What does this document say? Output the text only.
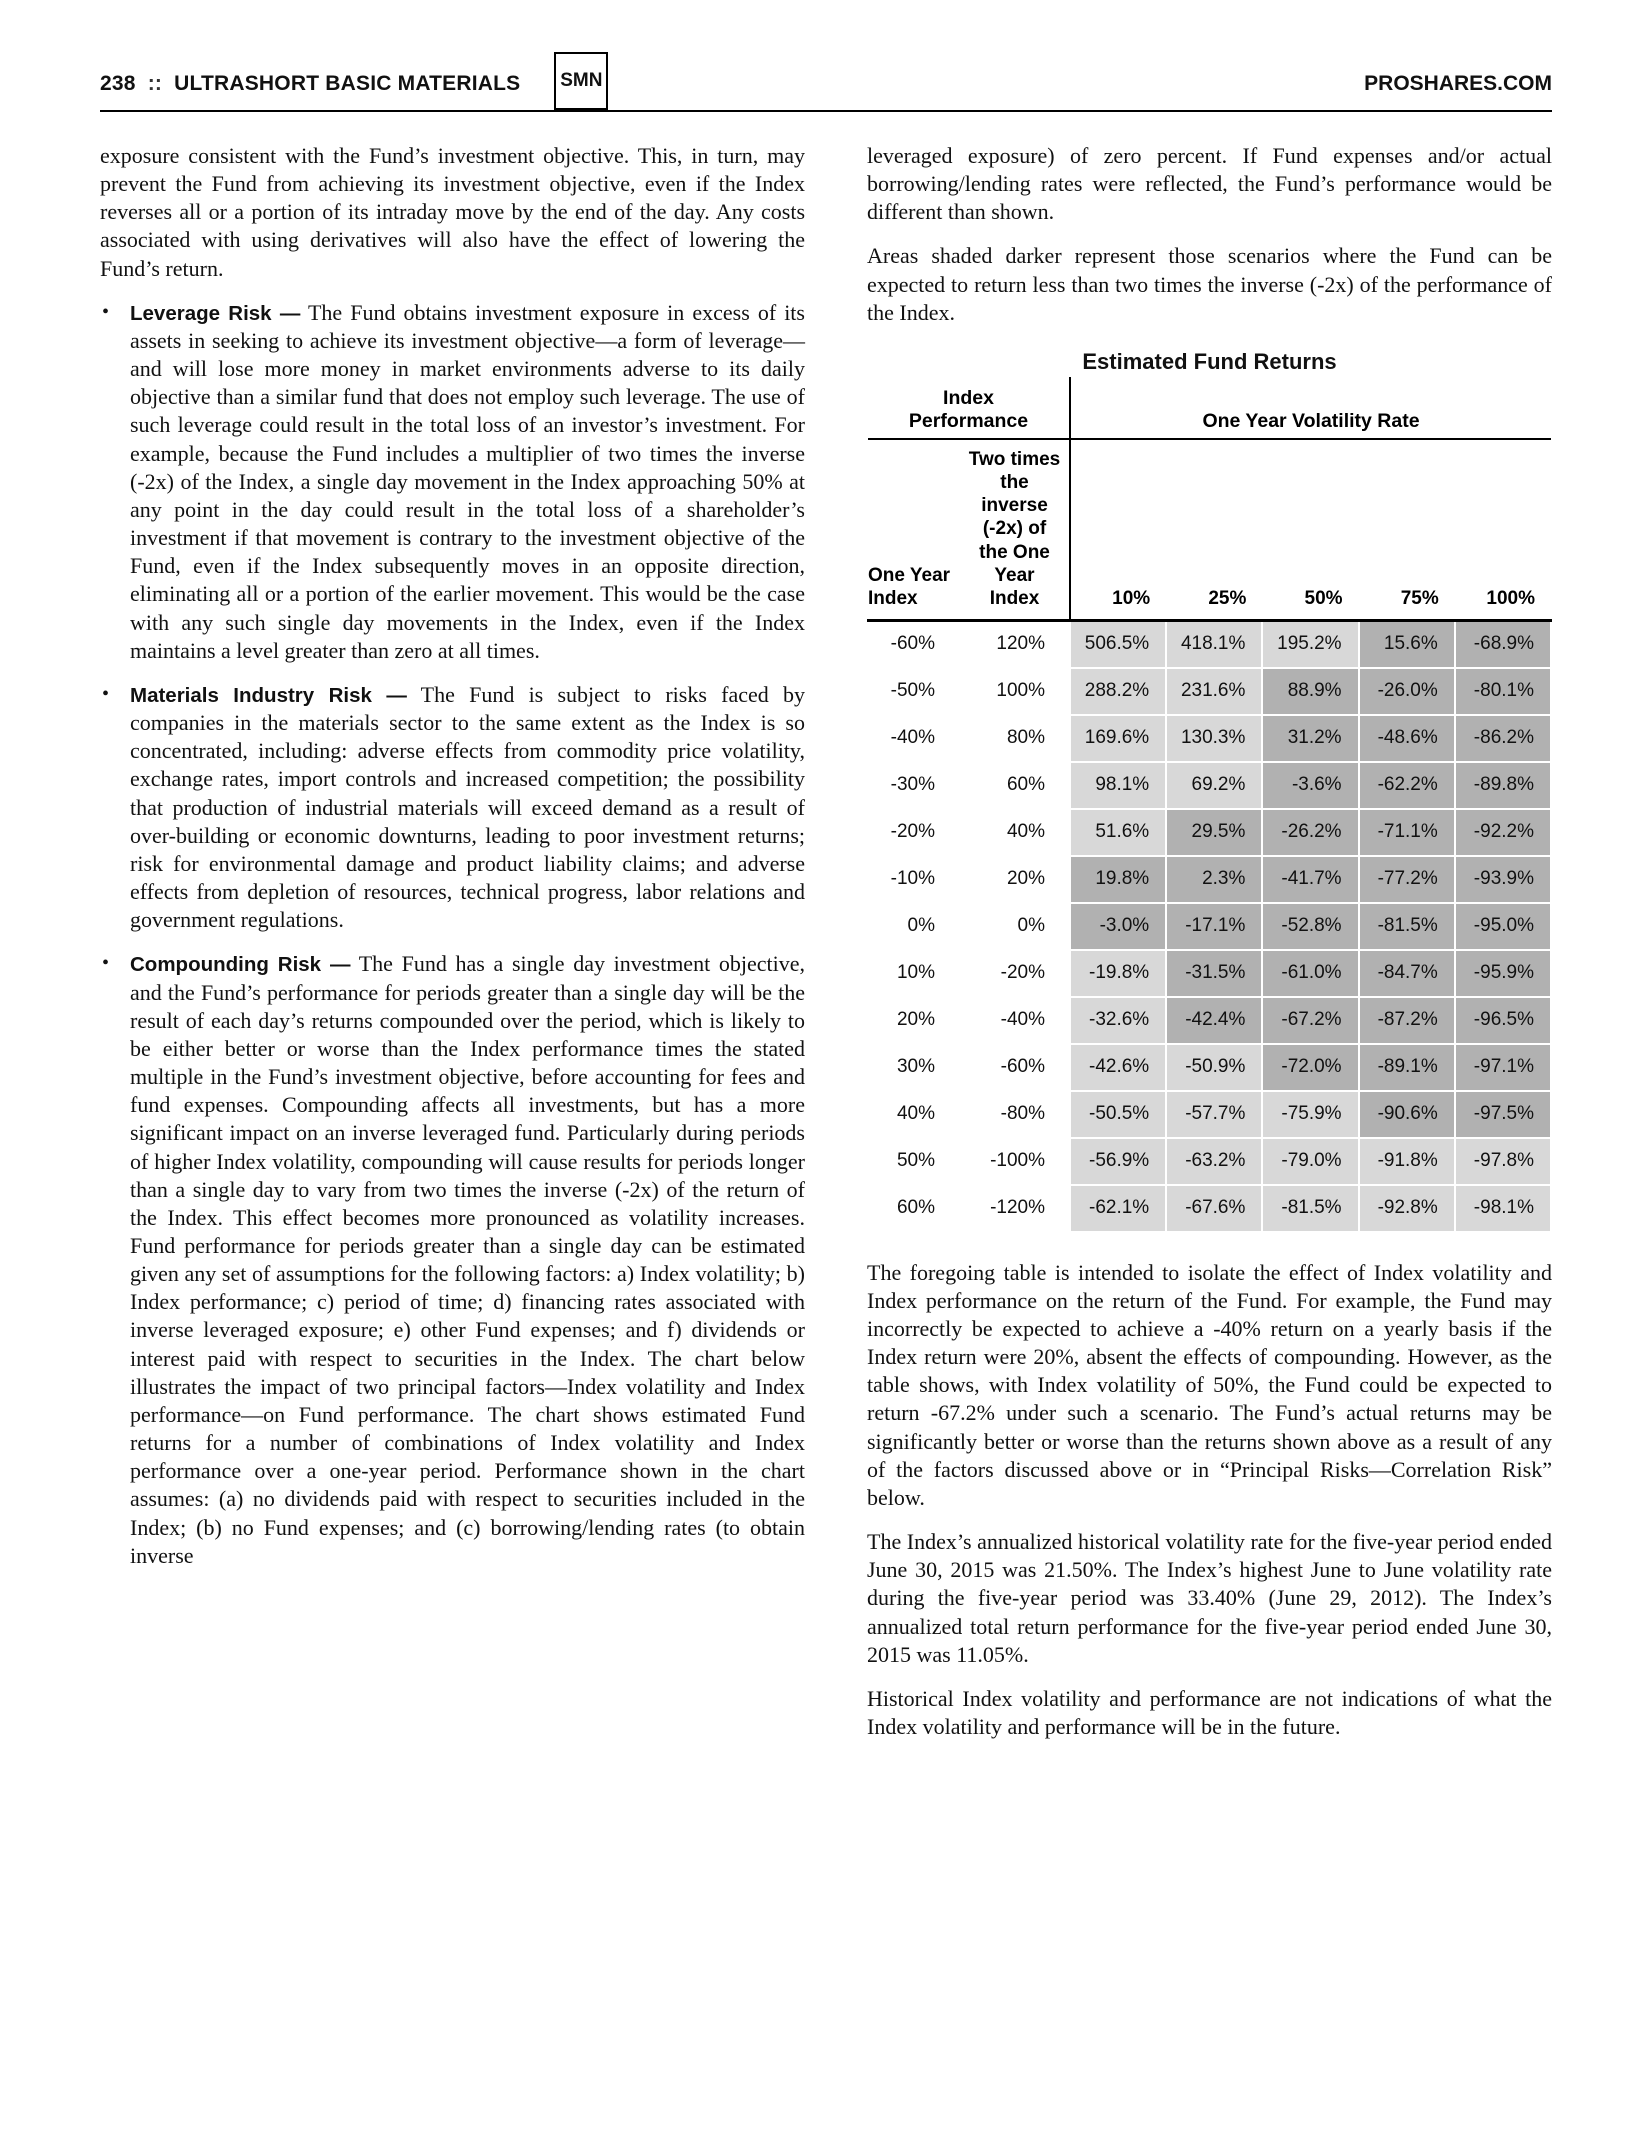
238 :: ULTRASHORT BASIC MATERIALS	SMN	PROSHARES.COM

exposure consistent with the Fund’s investment objective. This, in turn, may prevent the Fund from achieving its investment objective, even if the Index reverses all or a portion of its intraday move by the end of the day. Any costs associated with using derivatives will also have the effect of lowering the Fund’s return.

•	Leverage Risk — The Fund obtains investment exposure in excess of its assets in seeking to achieve its investment objective—a form of leverage—and will lose more money in market environments adverse to its daily objective than a similar fund that does not employ such leverage. The use of such leverage could result in the total loss of an investor’s investment. For example, because the Fund includes a multiplier of two times the inverse (-2x) of the Index, a single day movement in the Index approaching 50% at any point in the day could result in the total loss of a shareholder’s investment if that movement is contrary to the investment objective of the Fund, even if the Index subsequently moves in an opposite direction, eliminating all or a portion of the earlier movement. This would be the case with any such single day movements in the Index, even if the Index maintains a level greater than zero at all times.

•	Materials Industry Risk — The Fund is subject to risks faced by companies in the materials sector to the same extent as the Index is so concentrated, including: adverse effects from commodity price volatility, exchange rates, import controls and increased competition; the possibility that production of industrial materials will exceed demand as a result of over-building or economic downturns, leading to poor investment returns; risk for environmental damage and product liability claims; and adverse effects from depletion of resources, technical progress, labor relations and government regulations.

•	Compounding Risk — The Fund has a single day investment objective, and the Fund’s performance for periods greater than a single day will be the result of each day’s returns compounded over the period, which is likely to be either better or worse than the Index performance times the stated multiple in the Fund’s investment objective, before accounting for fees and fund expenses. Compounding affects all investments, but has a more significant impact on an inverse leveraged fund. Particularly during periods of higher Index volatility, compounding will cause results for periods longer than a single day to vary from two times the inverse (-2x) of the return of the Index. This effect becomes more pronounced as volatility increases. Fund performance for periods greater than a single day can be estimated given any set of assumptions for the following factors: a) Index volatility; b) Index performance; c) period of time; d) financing rates associated with inverse leveraged exposure; e) other Fund expenses; and f) dividends or interest paid with respect to securities in the Index. The chart below illustrates the impact of two principal factors—Index volatility and Index performance—on Fund performance. The chart shows estimated Fund returns for a number of combinations of Index volatility and Index performance over a one-year period. Performance shown in the chart assumes: (a) no dividends paid with respect to securities included in the Index; (b) no Fund expenses; and (c) borrowing/lending rates (to obtain inverse

leveraged exposure) of zero percent. If Fund expenses and/or actual borrowing/lending rates were reflected, the Fund’s performance would be different than shown.

Areas shaded darker represent those scenarios where the Fund can be expected to return less than two times the inverse (-2x) of the performance of the Index.

Estimated Fund Returns
Index Performance		One Year Volatility Rate				
One Year Index	Two times the inverse (-2x) of the One Year Index	10%	25%	50%	75%	100%
-60%	120%	506.5%	418.1%	195.2%	15.6%	-68.9%
-50%	100%	288.2%	231.6%	88.9%	-26.0%	-80.1%
-40%	80%	169.6%	130.3%	31.2%	-48.6%	-86.2%
-30%	60%	98.1%	69.2%	-3.6%	-62.2%	-89.8%
-20%	40%	51.6%	29.5%	-26.2%	-71.1%	-92.2%
-10%	20%	19.8%	2.3%	-41.7%	-77.2%	-93.9%
0%	0%	-3.0%	-17.1%	-52.8%	-81.5%	-95.0%
10%	-20%	-19.8%	-31.5%	-61.0%	-84.7%	-95.9%
20%	-40%	-32.6%	-42.4%	-67.2%	-87.2%	-96.5%
30%	-60%	-42.6%	-50.9%	-72.0%	-89.1%	-97.1%
40%	-80%	-50.5%	-57.7%	-75.9%	-90.6%	-97.5%
50%	-100%	-56.9%	-63.2%	-79.0%	-91.8%	-97.8%
60%	-120%	-62.1%	-67.6%	-81.5%	-92.8%	-98.1%

The foregoing table is intended to isolate the effect of Index volatility and Index performance on the return of the Fund. For example, the Fund may incorrectly be expected to achieve a -40% return on a yearly basis if the Index return were 20%, absent the effects of compounding. However, as the table shows, with Index volatility of 50%, the Fund could be expected to return -67.2% under such a scenario. The Fund’s actual returns may be significantly better or worse than the returns shown above as a result of any of the factors discussed above or in “Principal Risks—Correlation Risk” below.

The Index’s annualized historical volatility rate for the five-year period ended June 30, 2015 was 21.50%. The Index’s highest June to June volatility rate during the five-year period was 33.40% (June 29, 2012). The Index’s annualized total return performance for the five-year period ended June 30, 2015 was 11.05%.

Historical Index volatility and performance are not indications of what the Index volatility and performance will be in the future.
